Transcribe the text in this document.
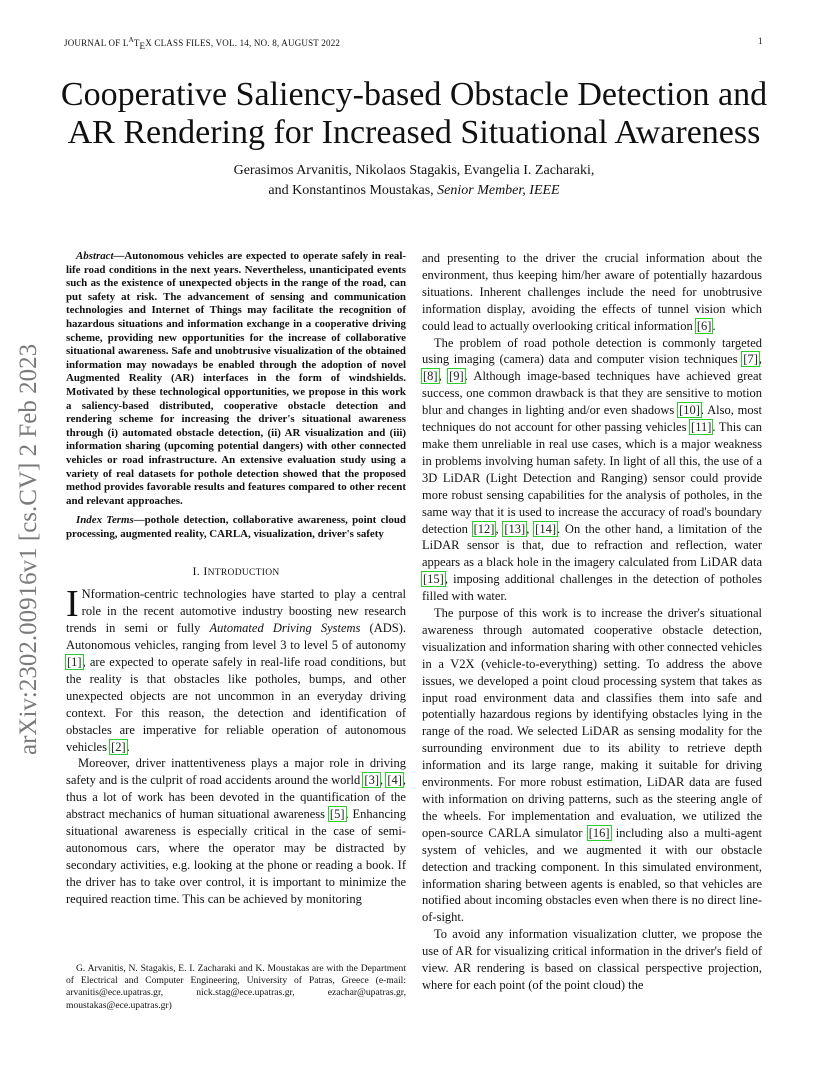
JOURNAL OF $L^AT_EX$ CLASS FILES, VOL. 14, NO. 8, AUGUST 2022	1
arXiv:2302.00916v1 [cs.CV] 2 Feb 2023
Cooperative Saliency-based Obstacle Detection and AR Rendering for Increased Situational Awareness
Gerasimos Arvanitis, Nikolaos Stagakis, Evangelia I. Zacharaki,
and Konstantinos Moustakas, Senior Member, IEEE

Abstract—Autonomous vehicles are expected to operate safely in real-life road conditions in the next years. Nevertheless, unanticipated events such as the existence of unexpected objects in the range of the road, can put safety at risk. The advancement of sensing and communication technologies and Internet of Things may facilitate the recognition of hazardous situations and information exchange in a cooperative driving scheme, providing new opportunities for the increase of collaborative situational awareness. Safe and unobtrusive visualization of the obtained information may nowadays be enabled through the adoption of novel Augmented Reality (AR) interfaces in the form of windshields. Motivated by these technological opportunities, we propose in this work a saliency-based distributed, cooperative obstacle detection and rendering scheme for increasing the driver's situational awareness through (i) automated obstacle detection, (ii) AR visualization and (iii) information sharing (upcoming potential dangers) with other connected vehicles or road infrastructure. An extensive evaluation study using a variety of real datasets for pothole detection showed that the proposed method provides favorable results and features compared to other recent and relevant approaches.

Index Terms—pothole detection, collaborative awareness, point cloud processing, augmented reality, CARLA, visualization, driver's safety

I. INTRODUCTION

I Nformation-centric technologies have started to play a central role in the recent automotive industry boosting new research trends in semi or fully Automated Driving Systems (ADS). Autonomous vehicles, ranging from level 3 to level 5 of autonomy [1], are expected to operate safely in real-life road conditions, but the reality is that obstacles like potholes, bumps, and other unexpected objects are not uncommon in an everyday driving context. For this reason, the detection and identification of obstacles are imperative for reliable operation of autonomous vehicles [2].

Moreover, driver inattentiveness plays a major role in driving safety and is the culprit of road accidents around the world [3], [4], thus a lot of work has been devoted in the quantification of the abstract mechanics of human situational awareness [5]. Enhancing situational awareness is especially critical in the case of semi-autonomous cars, where the operator may be distracted by secondary activities, e.g. looking at the phone or reading a book. If the driver has to take over control, it is important to minimize the required reaction time. This can be achieved by monitoring

G. Arvanitis, N. Stagakis, E. I. Zacharaki and K. Moustakas are with the Department of Electrical and Computer Engineering, University of Patras, Greece (e-mail: arvanitis@ece.upatras.gr, nick.stag@ece.upatras.gr, ezachar@upatras.gr, moustakas@ece.upatras.gr)

and presenting to the driver the crucial information about the environment, thus keeping him/her aware of potentially hazardous situations. Inherent challenges include the need for unobtrusive information display, avoiding the effects of tunnel vision which could lead to actually overlooking critical information [6].

The problem of road pothole detection is commonly targeted using imaging (camera) data and computer vision techniques [7], [8], [9]. Although image-based techniques have achieved great success, one common drawback is that they are sensitive to motion blur and changes in lighting and/or even shadows [10]. Also, most techniques do not account for other passing vehicles [11]. This can make them unreliable in real use cases, which is a major weakness in problems involving human safety. In light of all this, the use of a 3D LiDAR (Light Detection and Ranging) sensor could provide more robust sensing capabilities for the analysis of potholes, in the same way that it is used to increase the accuracy of road's boundary detection [12], [13], [14]. On the other hand, a limitation of the LiDAR sensor is that, due to refraction and reflection, water appears as a black hole in the imagery calculated from LiDAR data [15], imposing additional challenges in the detection of potholes filled with water.

The purpose of this work is to increase the driver's situational awareness through automated cooperative obstacle detection, visualization and information sharing with other connected vehicles in a V2X (vehicle-to-everything) setting. To address the above issues, we developed a point cloud processing system that takes as input road environment data and classifies them into safe and potentially hazardous regions by identifying obstacles lying in the range of the road. We selected LiDAR as sensing modality for the surrounding environment due to its ability to retrieve depth information and its large range, making it suitable for driving environments. For more robust estimation, LiDAR data are fused with information on driving patterns, such as the steering angle of the wheels. For implementation and evaluation, we utilized the open-source CARLA simulator [16] including also a multi-agent system of vehicles, and we augmented it with our obstacle detection and tracking component. In this simulated environment, information sharing between agents is enabled, so that vehicles are notified about incoming obstacles even when there is no direct line-of-sight.

To avoid any information visualization clutter, we propose the use of AR for visualizing critical information in the driver's field of view. AR rendering is based on classical perspective projection, where for each point (of the point cloud) the
